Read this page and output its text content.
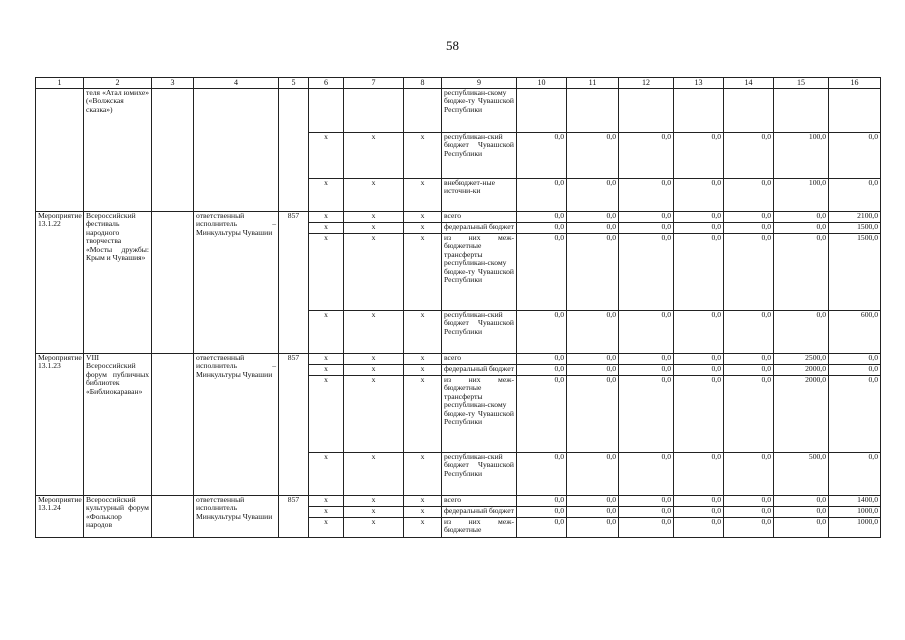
58
1	2	3	4	5	6	7	8	9	10	11	12	13	14	15	16
	теля «Атал юмихе» («Волжская сказка»)							республикан-скому бюдже-ту Чувашской Республики							
					x	x	x	республикан-ский бюджет Чувашской Республики	0,0	0,0	0,0	0,0	0,0	100,0	0,0
					x	x	x	внебюджет-ные источни-ки	0,0	0,0	0,0	0,0	0,0	100,0	0,0
Мероприятие 13.1.22	Всероссийский фестиваль народного творчества «Мосты дружбы: Крым и Чувашия»		ответственный исполнитель – Минкультуры Чувашии	857	x	x	x	всего	0,0	0,0	0,0	0,0	0,0	0,0	2100,0
					x	x	x	федеральный бюджет	0,0	0,0	0,0	0,0	0,0	0,0	1500,0
					x	x	x	из них меж-бюджетные трансферты республикан-скому бюдже-ту Чувашской Республики	0,0	0,0	0,0	0,0	0,0	0,0	1500,0
					x	x	x	республикан-ский бюджет Чувашской Республики	0,0	0,0	0,0	0,0	0,0	0,0	600,0
Мероприятие 13.1.23	VIII Всероссийский форум публичных библиотек «Библиокараван»		ответственный исполнитель – Минкультуры Чувашии	857	x	x	x	всего	0,0	0,0	0,0	0,0	0,0	2500,0	0,0
					x	x	x	федеральный бюджет	0,0	0,0	0,0	0,0	0,0	2000,0	0,0
					x	x	x	из них меж-бюджетные трансферты республикан-скому бюдже-ту Чувашской Республики	0,0	0,0	0,0	0,0	0,0	2000,0	0,0
					x	x	x	республикан-ский бюджет Чувашской Республики	0,0	0,0	0,0	0,0	0,0	500,0	0,0
Мероприятие 13.1.24	Всероссийский культурный форум «Фольклор народов		ответственный исполнитель Минкультуры Чувашии	857	x	x	x	всего	0,0	0,0	0,0	0,0	0,0	0,0	1400,0
					x	x	x	федеральный бюджет	0,0	0,0	0,0	0,0	0,0	0,0	1000,0
					x	x	x	из них меж-бюджетные	0,0	0,0	0,0	0,0	0,0	0,0	1000,0
